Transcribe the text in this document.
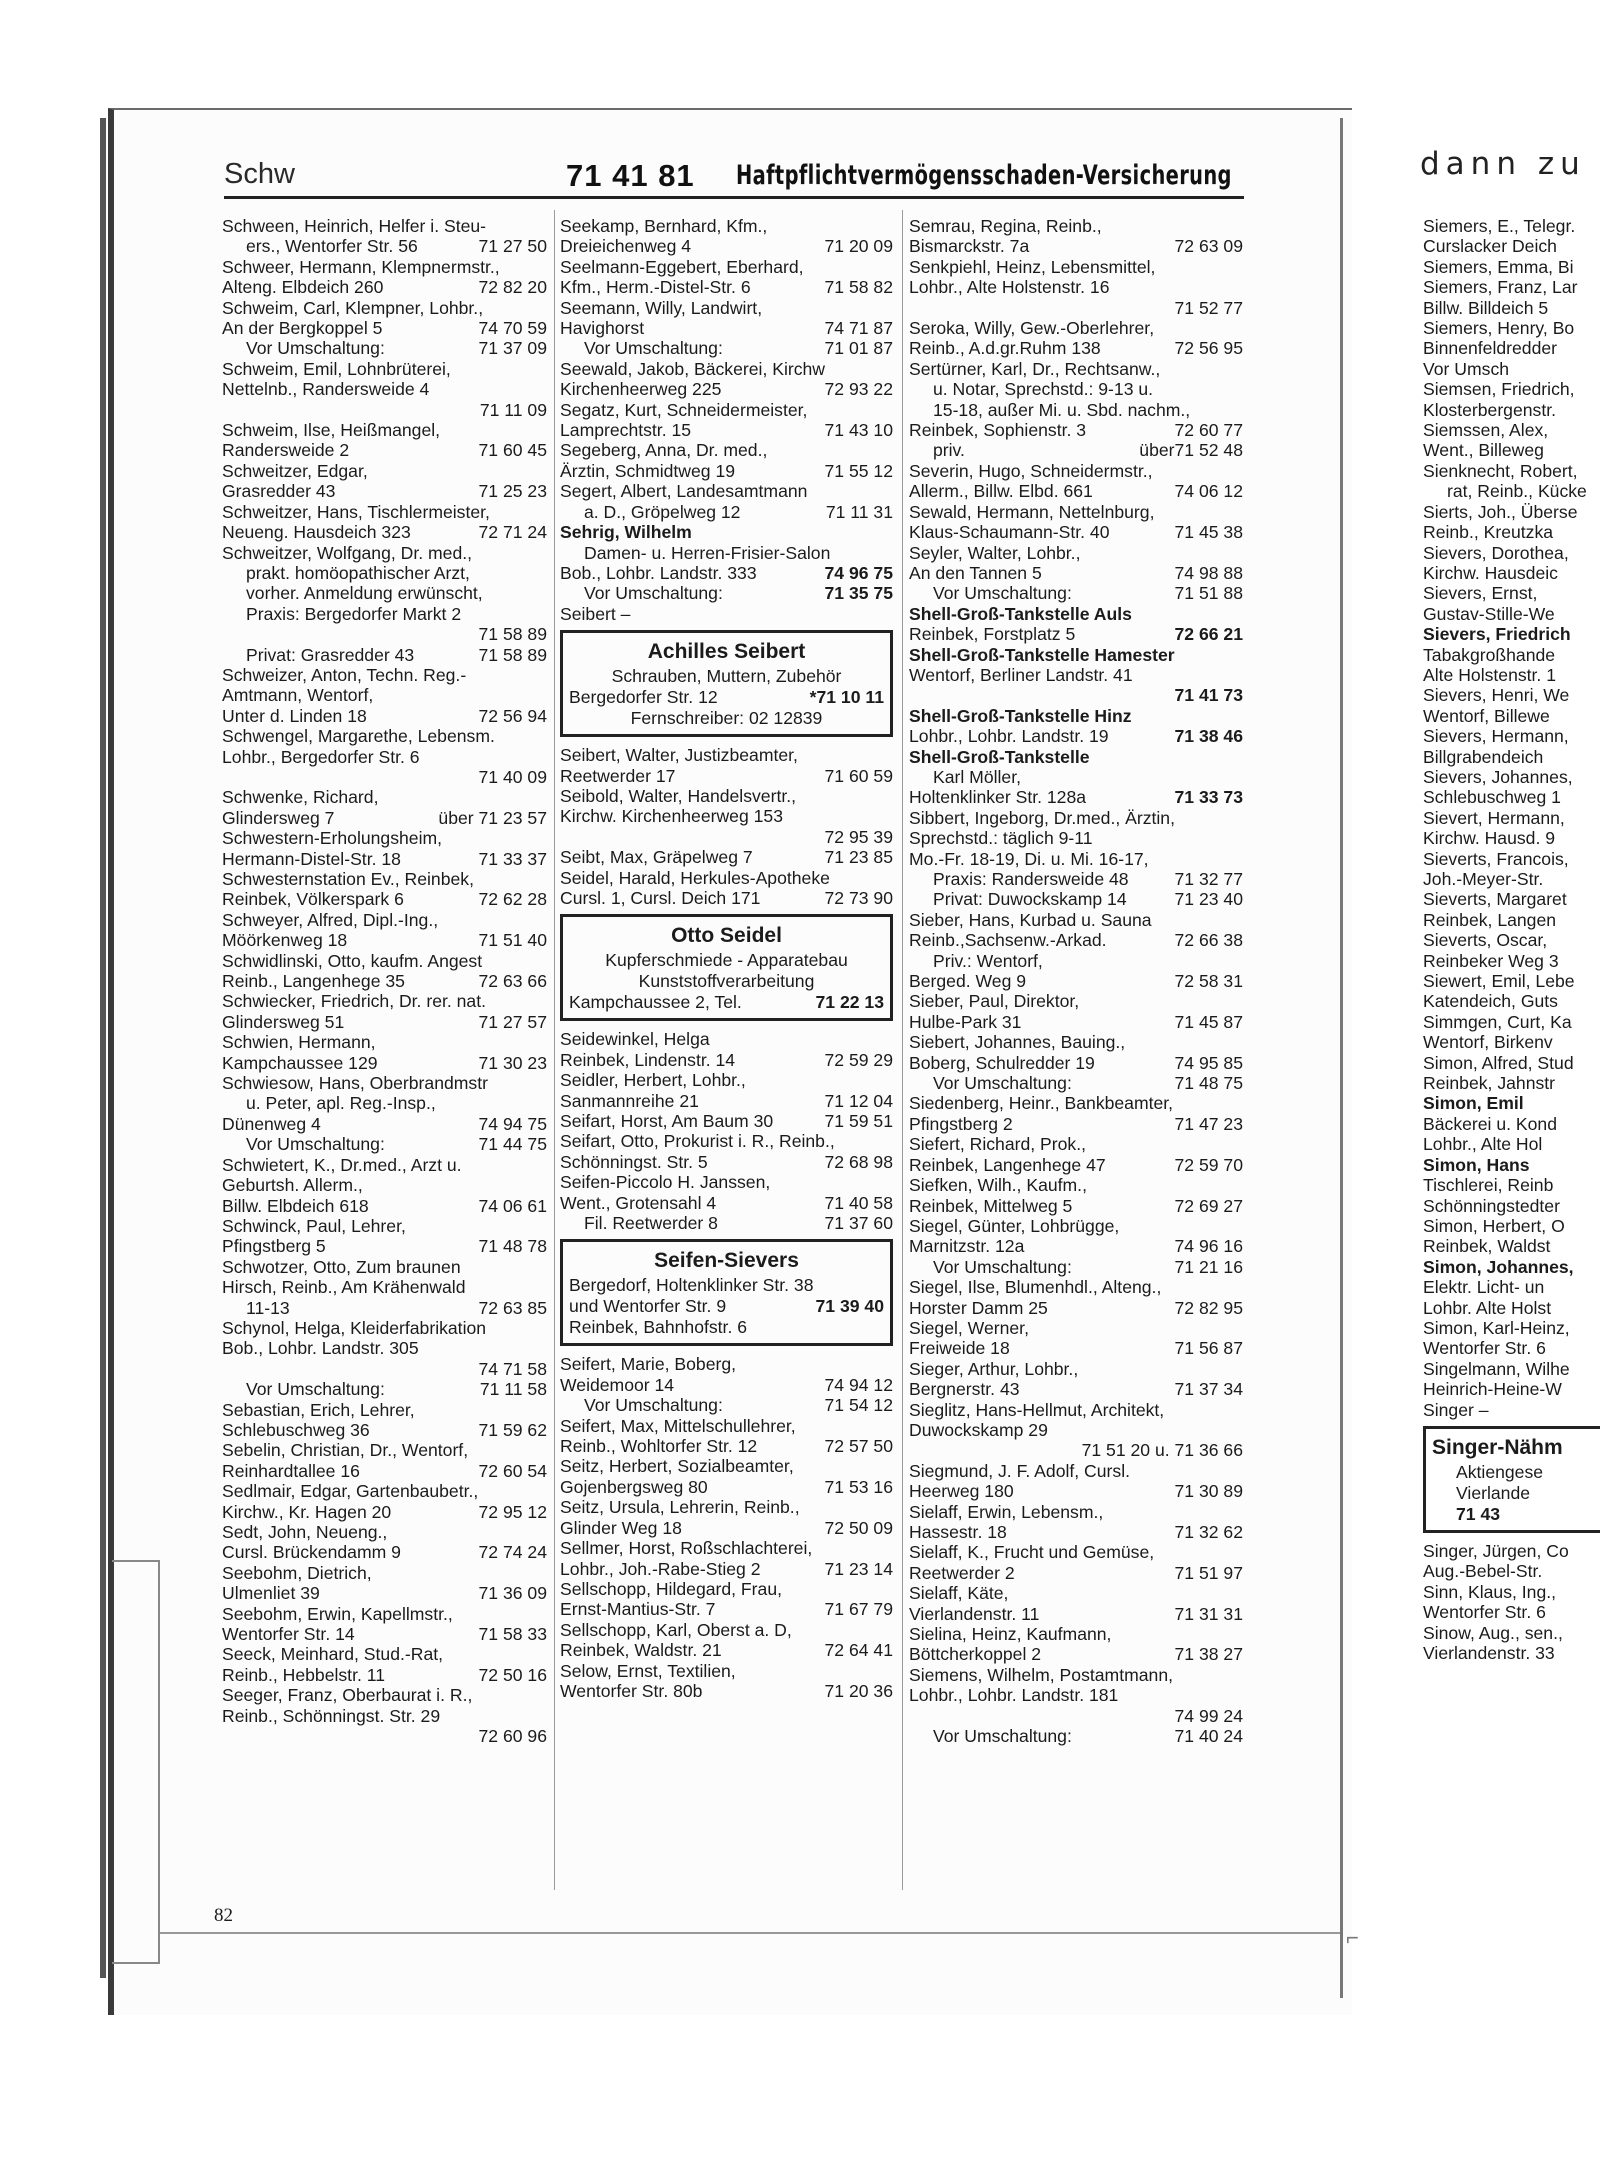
Schw	71 41 81 Haftpflichtvermögensschaden-Versicherung	dann zu
Schween, Heinrich, Helfer i. Steu-
ers., Wentorfer Str. 56	71 27 50
Schweer, Hermann, Klempnermstr.,
Alteng. Elbdeich 260	72 82 20
Schweim, Carl, Klempner, Lohbr.,
An der Bergkoppel 5	74 70 59
Vor Umschaltung:	71 37 09
Schweim, Emil, Lohnbrüterei,
Nettelnb., Randersweide 4
71 11 09
Schweim, Ilse, Heißmangel,
Randersweide 2	71 60 45
Schweitzer, Edgar,
Grasredder 43	71 25 23
Schweitzer, Hans, Tischlermeister,
Neueng. Hausdeich 323	72 71 24
Schweitzer, Wolfgang, Dr. med.,
prakt. homöopathischer Arzt,
vorher. Anmeldung erwünscht,
Praxis: Bergedorfer Markt 2
71 58 89
Privat: Grasredder 43	71 58 89
Schweizer, Anton, Techn. Reg.-
Amtmann, Wentorf,
Unter d. Linden 18	72 56 94
Schwengel, Margarethe, Lebensm.
Lohbr., Bergedorfer Str. 6
71 40 09
Schwenke, Richard,
Glindersweg 7	über 71 23 57
Schwestern-Erholungsheim,
Hermann-Distel-Str. 18	71 33 37
Schwesternstation Ev., Reinbek,
Reinbek, Völkerspark 6	72 62 28
Schweyer, Alfred, Dipl.-Ing.,
Möörkenweg 18	71 51 40
Schwidlinski, Otto, kaufm. Angest
Reinb., Langenhege 35	72 63 66
Schwiecker, Friedrich, Dr. rer. nat.
Glindersweg 51	71 27 57
Schwien, Hermann,
Kampchaussee 129	71 30 23
Schwiesow, Hans, Oberbrandmstr
u. Peter, apl. Reg.-Insp.,
Dünenweg 4	74 94 75
Vor Umschaltung:	71 44 75
Schwietert, K., Dr.med., Arzt u.
Geburtsh. Allerm.,
Billw. Elbdeich 618	74 06 61
Schwinck, Paul, Lehrer,
Pfingstberg 5	71 48 78
Schwotzer, Otto, Zum braunen
Hirsch, Reinb., Am Krähenwald
11-13	72 63 85
Schynol, Helga, Kleiderfabrikation
Bob., Lohbr. Landstr. 305
74 71 58
Vor Umschaltung:	71 11 58
Sebastian, Erich, Lehrer,
Schlebuschweg 36	71 59 62
Sebelin, Christian, Dr., Wentorf,
Reinhardtallee 16	72 60 54
Sedlmair, Edgar, Gartenbaubetr.,
Kirchw., Kr. Hagen 20	72 95 12
Sedt, John, Neueng.,
Cursl. Brückendamm 9	72 74 24
Seebohm, Dietrich,
Ulmenliet 39	71 36 09
Seebohm, Erwin, Kapellmstr.,
Wentorfer Str. 14	71 58 33
Seeck, Meinhard, Stud.-Rat,
Reinb., Hebbelstr. 11	72 50 16
Seeger, Franz, Oberbaurat i. R.,
Reinb., Schönningst. Str. 29
72 60 96
Seekamp, Bernhard, Kfm.,
Dreieichenweg 4	71 20 09
Seelmann-Eggebert, Eberhard,
Kfm., Herm.-Distel-Str. 6	71 58 82
Seemann, Willy, Landwirt,
Havighorst	74 71 87
Vor Umschaltung:	71 01 87
Seewald, Jakob, Bäckerei, Kirchw
Kirchenheerweg 225	72 93 22
Segatz, Kurt, Schneidermeister,
Lamprechtstr. 15	71 43 10
Segeberg, Anna, Dr. med.,
Ärztin, Schmidtweg 19	71 55 12
Segert, Albert, Landesamtmann
a. D., Gröpelweg 12	71 11 31
Sehrig, Wilhelm
Damen- u. Herren-Frisier-Salon
Bob., Lohbr. Landstr. 333	74 96 75
Vor Umschaltung:	71 35 75
Seibert –
Achilles Seibert
Schrauben, Muttern, Zubehör
Bergedorfer Str. 12	*71 10 11
Fernschreiber: 02 12839
Seibert, Walter, Justizbeamter,
Reetwerder 17	71 60 59
Seibold, Walter, Handelsvertr.,
Kirchw. Kirchenheerweg 153
72 95 39
Seibt, Max, Gräpelweg 7	71 23 85
Seidel, Harald, Herkules-Apotheke
Cursl. 1, Cursl. Deich 171	72 73 90
Otto Seidel
Kupferschmiede - Apparatebau
Kunststoffverarbeitung
Kampchaussee 2, Tel.	71 22 13
Seidewinkel, Helga
Reinbek, Lindenstr. 14	72 59 29
Seidler, Herbert, Lohbr.,
Sanmannreihe 21	71 12 04
Seifart, Horst, Am Baum 30	71 59 51
Seifart, Otto, Prokurist i. R., Reinb.,
Schönningst. Str. 5	72 68 98
Seifen-Piccolo H. Janssen,
Went., Grotensahl 4	71 40 58
Fil. Reetwerder 8	71 37 60
Seifen-Sievers
Bergedorf, Holtenklinker Str. 38
und Wentorfer Str. 9	71 39 40
Reinbek, Bahnhofstr. 6
Seifert, Marie, Boberg,
Weidemoor 14	74 94 12
Vor Umschaltung:	71 54 12
Seifert, Max, Mittelschullehrer,
Reinb., Wohltorfer Str. 12	72 57 50
Seitz, Herbert, Sozialbeamter,
Gojenbergsweg 80	71 53 16
Seitz, Ursula, Lehrerin, Reinb.,
Glinder Weg 18	72 50 09
Sellmer, Horst, Roßschlachterei,
Lohbr., Joh.-Rabe-Stieg 2	71 23 14
Sellschopp, Hildegard, Frau,
Ernst-Mantius-Str. 7	71 67 79
Sellschopp, Karl, Oberst a. D,
Reinbek, Waldstr. 21	72 64 41
Selow, Ernst, Textilien,
Wentorfer Str. 80b	71 20 36
Semrau, Regina, Reinb.,
Bismarckstr. 7a	72 63 09
Senkpiehl, Heinz, Lebensmittel,
Lohbr., Alte Holstenstr. 16
71 52 77
Seroka, Willy, Gew.-Oberlehrer,
Reinb., A.d.gr.Ruhm 138	72 56 95
Sertürner, Karl, Dr., Rechtsanw.,
u. Notar, Sprechstd.: 9-13 u.
15-18, außer Mi. u. Sbd. nachm.,
Reinbek, Sophienstr. 3	72 60 77
priv.	über71 52 48
Severin, Hugo, Schneidermstr.,
Allerm., Billw. Elbd. 661	74 06 12
Sewald, Hermann, Nettelnburg,
Klaus-Schaumann-Str. 40	71 45 38
Seyler, Walter, Lohbr.,
An den Tannen 5	74 98 88
Vor Umschaltung:	71 51 88
Shell-Groß-Tankstelle Auls
Reinbek, Forstplatz 5	72 66 21
Shell-Groß-Tankstelle Hamester
Wentorf, Berliner Landstr. 41
71 41 73
Shell-Groß-Tankstelle Hinz
Lohbr., Lohbr. Landstr. 19	71 38 46
Shell-Groß-Tankstelle
Karl Möller,
Holtenklinker Str. 128a	71 33 73
Sibbert, Ingeborg, Dr.med., Ärztin,
Sprechstd.: täglich 9-11
Mo.-Fr. 18-19, Di. u. Mi. 16-17,
Praxis: Randersweide 48	71 32 77
Privat: Duwockskamp 14	71 23 40
Sieber, Hans, Kurbad u. Sauna
Reinb.,Sachsenw.-Arkad.	72 66 38
Priv.: Wentorf,
Berged. Weg 9	72 58 31
Sieber, Paul, Direktor,
Hulbe-Park 31	71 45 87
Siebert, Johannes, Bauing.,
Boberg, Schulredder 19	74 95 85
Vor Umschaltung:	71 48 75
Siedenberg, Heinr., Bankbeamter,
Pfingstberg 2	71 47 23
Siefert, Richard, Prok.,
Reinbek, Langenhege 47	72 59 70
Siefken, Wilh., Kaufm.,
Reinbek, Mittelweg 5	72 69 27
Siegel, Günter, Lohbrügge,
Marnitzstr. 12a	74 96 16
Vor Umschaltung:	71 21 16
Siegel, Ilse, Blumenhdl., Alteng.,
Horster Damm 25	72 82 95
Siegel, Werner,
Freiweide 18	71 56 87
Sieger, Arthur, Lohbr.,
Bergnerstr. 43	71 37 34
Sieglitz, Hans-Hellmut, Architekt,
Duwockskamp 29
71 51 20 u. 71 36 66
Siegmund, J. F. Adolf, Cursl.
Heerweg 180	71 30 89
Sielaff, Erwin, Lebensm.,
Hassestr. 18	71 32 62
Sielaff, K., Frucht und Gemüse,
Reetwerder 2	71 51 97
Sielaff, Käte,
Vierlandenstr. 11	71 31 31
Sielina, Heinz, Kaufmann,
Böttcherkoppel 2	71 38 27
Siemens, Wilhelm, Postamtmann,
Lohbr., Lohbr. Landstr. 181
74 99 24
Vor Umschaltung:	71 40 24
Siemers, E., Telegr.
Curslacker Deich
Siemers, Emma, Bi
Siemers, Franz, Lar
Billw. Billdeich 5
Siemers, Henry, Bo
Binnenfeldredder
Vor Umsch
Siemsen, Friedrich,
Klosterbergenstr.
Siemssen, Alex,
Went., Billeweg
Sienknecht, Robert,
rat, Reinb., Kücke
Sierts, Joh., Überse
Reinb., Kreutzka
Sievers, Dorothea,
Kirchw. Hausdeic
Sievers, Ernst,
Gustav-Stille-We
Sievers, Friedrich
Tabakgroßhande
Alte Holstenstr. 1
Sievers, Henri, We
Wentorf, Billewe
Sievers, Hermann,
Billgrabendeich
Sievers, Johannes,
Schlebuschweg 1
Sievert, Hermann,
Kirchw. Hausd. 9
Sieverts, Francois,
Joh.-Meyer-Str.
Sieverts, Margaret
Reinbek, Langen
Sieverts, Oscar,
Reinbeker Weg 3
Siewert, Emil, Lebe
Katendeich, Guts
Simmgen, Curt, Ka
Wentorf, Birkenv
Simon, Alfred, Stud
Reinbek, Jahnstr
Simon, Emil
Bäckerei u. Kond
Lohbr., Alte Hol
Simon, Hans
Tischlerei, Reinb
Schönningstedter
Simon, Herbert, O
Reinbek, Waldst
Simon, Johannes,
Elektr. Licht- un
Lohbr. Alte Holst
Simon, Karl-Heinz,
Wentorfer Str. 6
Singelmann, Wilhe
Heinrich-Heine-W
Singer –
Singer-Nähm
Aktiengese
Vierlande
71 43
Singer, Jürgen, Co
Aug.-Bebel-Str.
Sinn, Klaus, Ing.,
Wentorfer Str. 6
Sinow, Aug., sen.,
Vierlandenstr. 33
82
⌐
